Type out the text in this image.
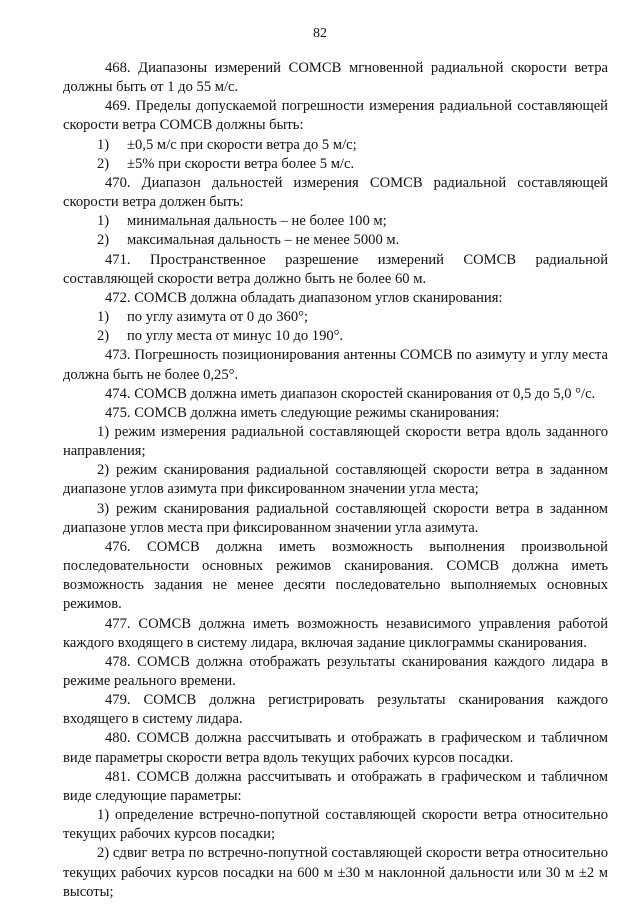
82

468. Диапазоны измерений СОМСВ мгновенной радиальной скорости ветра должны быть от 1 до 55 м/с.

469. Пределы допускаемой погрешности измерения радиальной составляющей скорости ветра СОМСВ должны быть:

1)	±0,5 м/с при скорости ветра до 5 м/с;
2)	±5% при скорости ветра более 5 м/с.

470. Диапазон дальностей измерения СОМСВ радиальной составляющей скорости ветра должен быть:

1)	минимальная дальность – не более 100 м;
2)	максимальная дальность – не менее 5000 м.

471. Пространственное разрешение измерений СОМСВ радиальной составляющей скорости ветра должно быть не более 60 м.

472. СОМСВ должна обладать диапазоном углов сканирования:

1)	по углу азимута от 0 до 360°;
2)	по углу места от минус 10 до 190°.

473. Погрешность позиционирования антенны СОМСВ по азимуту и углу места должна быть не более 0,25°.

474. СОМСВ должна иметь диапазон скоростей сканирования от 0,5 до 5,0 °/с.

475. СОМСВ должна иметь следующие режимы сканирования:

1) режим измерения радиальной составляющей скорости ветра вдоль заданного направления;

2) режим сканирования радиальной составляющей скорости ветра в заданном диапазоне углов азимута при фиксированном значении угла места;

3) режим сканирования радиальной составляющей скорости ветра в заданном диапазоне углов места при фиксированном значении угла азимута.

476. СОМСВ должна иметь возможность выполнения произвольной последовательности основных режимов сканирования. СОМСВ должна иметь возможность задания не менее десяти последовательно выполняемых основных режимов.

477. СОМСВ должна иметь возможность независимого управления работой каждого входящего в систему лидара, включая задание циклограммы сканирования.

478. СОМСВ должна отображать результаты сканирования каждого лидара в режиме реального времени.

479. СОМСВ должна регистрировать результаты сканирования каждого входящего в систему лидара.

480. СОМСВ должна рассчитывать и отображать в графическом и табличном виде параметры скорости ветра вдоль текущих рабочих курсов посадки.

481. СОМСВ должна рассчитывать и отображать в графическом и табличном виде следующие параметры:

1) определение встречно-попутной составляющей скорости ветра относительно текущих рабочих курсов посадки;

2) сдвиг ветра по встречно-попутной составляющей скорости ветра относительно текущих рабочих курсов посадки на 600 м ±30 м наклонной дальности или 30 м ±2 м высоты;
